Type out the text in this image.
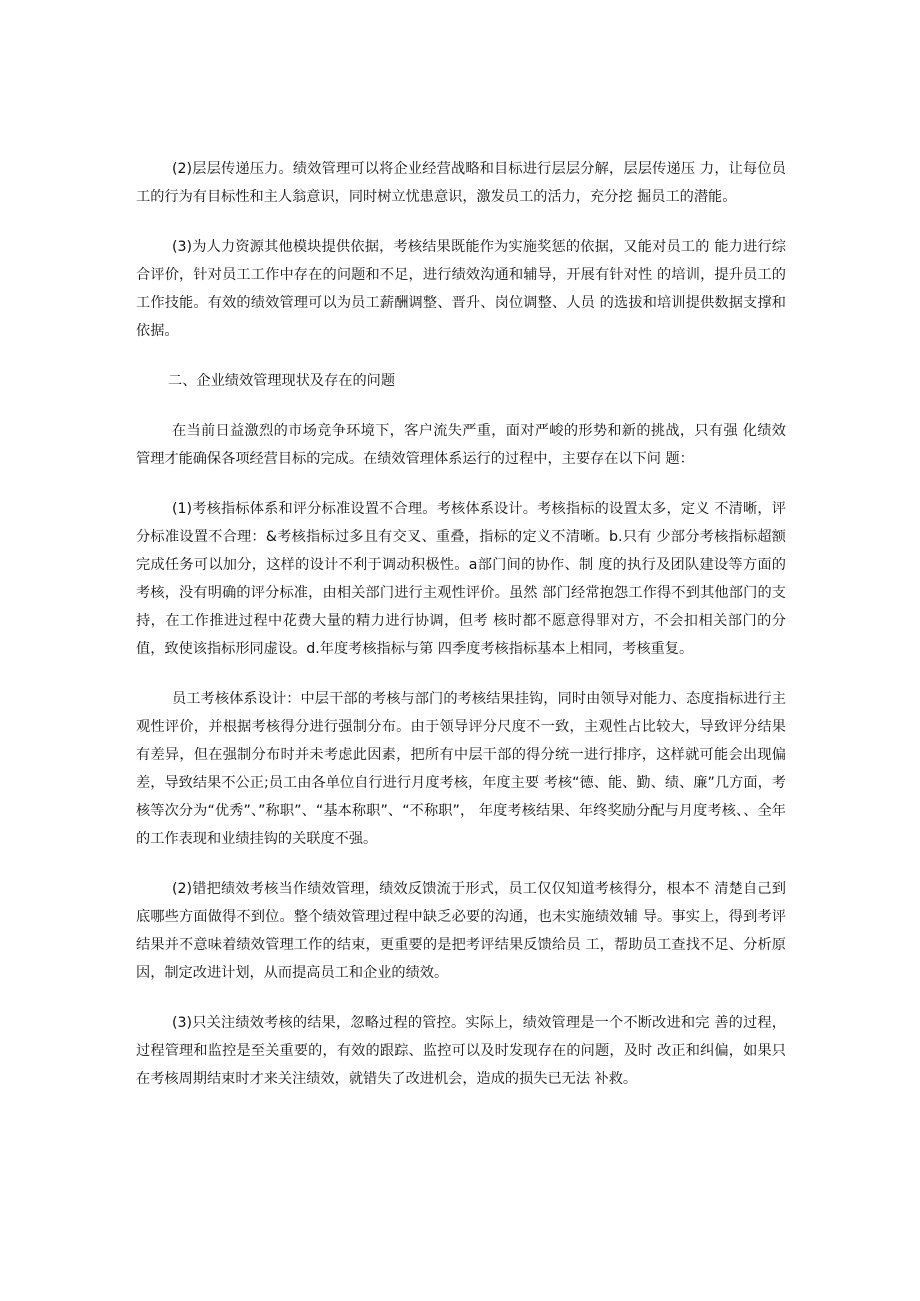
(2)层层传递压力。绩效管理可以将企业经营战略和目标进行层层分解，层层传递压 力，让每位员工的行为有目标性和主人翁意识，同时树立忧患意识，激发员工的活力，充分挖 掘员工的潜能。

(3)为人力资源其他模块提供依据，考核结果既能作为实施奖惩的依据，又能对员工的 能力进行综合评价，针对员工工作中存在的问题和不足，进行绩效沟通和辅导，开展有针对性 的培训，提升员工的工作技能。有效的绩效管理可以为员工薪酬调整、晋升、岗位调整、人员 的选拔和培训提供数据支撑和依据。

二、企业绩效管理现状及存在的问题

在当前日益激烈的市场竞争环境下，客户流失严重，面对严峻的形势和新的挑战，只有强 化绩效管理才能确保各项经营目标的完成。在绩效管理体系运行的过程中，主要存在以下问 题：

(1)考核指标体系和评分标准设置不合理。考核体系设计。考核指标的设置太多，定义 不清晰，评分标准设置不合理：&考核指标过多且有交叉、重叠，指标的定义不清晰。b.只有 少部分考核指标超额完成任务可以加分，这样的设计不利于调动积极性。a部门间的协作、制 度的执行及团队建设等方面的考核，没有明确的评分标准，由相关部门进行主观性评价。虽然 部门经常抱怨工作得不到其他部门的支持，在工作推进过程中花费大量的精力进行协调，但考 核时都不愿意得罪对方，不会扣相关部门的分值，致使该指标形同虚设。d.年度考核指标与第 四季度考核指标基本上相同，考核重复。

员工考核体系设计：中层干部的考核与部门的考核结果挂钩，同时由领导对能力、态度指标进行主观性评价，并根据考核得分进行强制分布。由于领导评分尺度不一致，主观性占比较大，导致评分结果有差异，但在强制分布时并未考虑此因素，把所有中层干部的得分统一进行排序，这样就可能会出现偏差，导致结果不公正;员工由各单位自行进行月度考核，年度主要 考核“德、能、勤、绩、廉”几方面，考核等次分为“优秀”、”称职”、“基本称职”、“不称职”， 年度考核结果、年终奖励分配与月度考核、、全年的工作表现和业绩挂钩的关联度不强。

(2)错把绩效考核当作绩效管理，绩效反馈流于形式，员工仅仅知道考核得分，根本不 清楚自己到底哪些方面做得不到位。整个绩效管理过程中缺乏必要的沟通，也未实施绩效辅 导。事实上，得到考评结果并不意味着绩效管理工作的结束，更重要的是把考评结果反馈给员 工，帮助员工查找不足、分析原因，制定改进计划，从而提高员工和企业的绩效。

(3)只关注绩效考核的结果，忽略过程的管控。实际上，绩效管理是一个不断改进和完 善的过程，过程管理和监控是至关重要的，有效的跟踪、监控可以及时发现存在的问题，及时 改正和纠偏，如果只在考核周期结束时才来关注绩效，就错失了改进机会，造成的损失已无法 补救。
